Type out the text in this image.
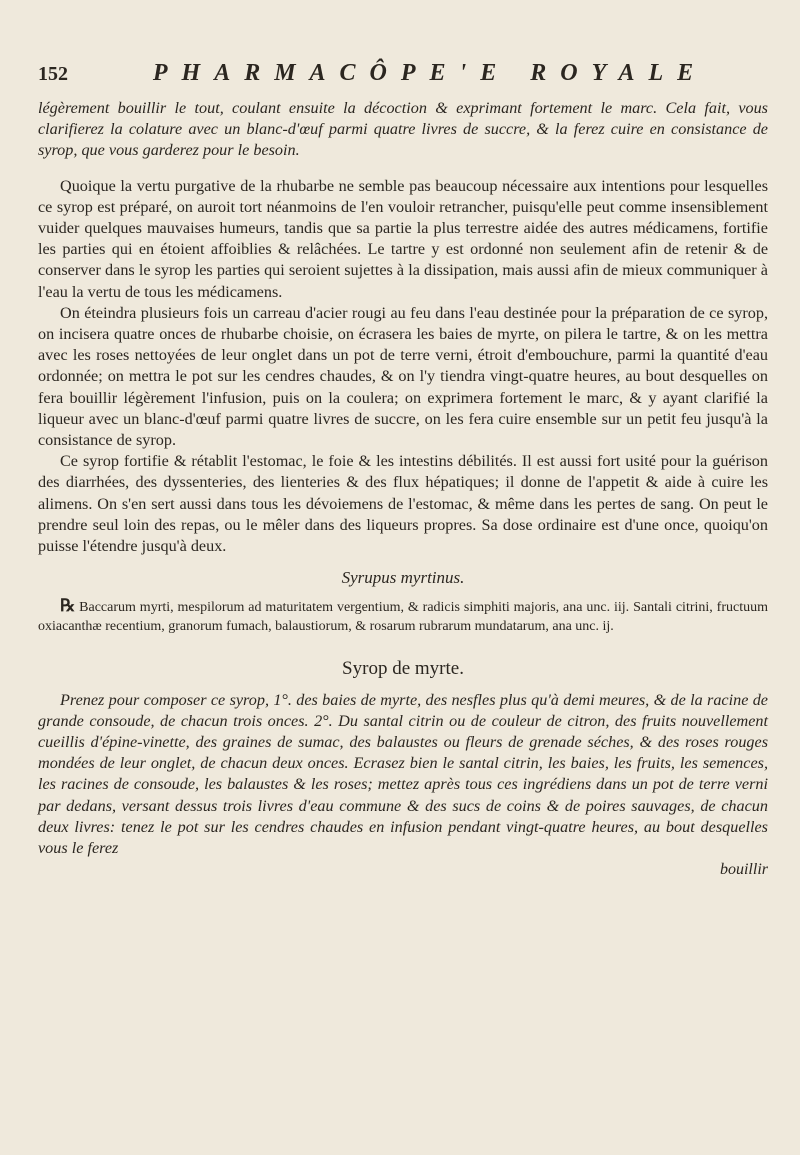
152	PHARMACÔPE'E ROYALE

légèrement bouillir le tout, coulant ensuite la décoction & exprimant fortement le marc. Cela fait, vous clarifierez la colature avec un blanc-d'œuf parmi quatre livres de succre, & la ferez cuire en consistance de syrop, que vous garderez pour le besoin.

Quoique la vertu purgative de la rhubarbe ne semble pas beaucoup nécessaire aux intentions pour lesquelles ce syrop est préparé, on auroit tort néanmoins de l'en vouloir retrancher, puisqu'elle peut comme insensiblement vuider quelques mauvaises humeurs, tandis que sa partie la plus terrestre aidée des autres médicamens, fortifie les parties qui en étoient affoiblies & relâchées. Le tartre y est ordonné non seulement afin de retenir & de conserver dans le syrop les parties qui seroient sujettes à la dissipation, mais aussi afin de mieux communiquer à l'eau la vertu de tous les médicamens.

On éteindra plusieurs fois un carreau d'acier rougi au feu dans l'eau destinée pour la préparation de ce syrop, on incisera quatre onces de rhubarbe choisie, on écrasera les baies de myrte, on pilera le tartre, & on les mettra avec les roses nettoyées de leur onglet dans un pot de terre verni, étroit d'embouchure, parmi la quantité d'eau ordonnée; on mettra le pot sur les cendres chaudes, & on l'y tiendra vingt-quatre heures, au bout desquelles on fera bouillir légèrement l'infusion, puis on la coulera; on exprimera fortement le marc, & y ayant clarifié la liqueur avec un blanc-d'œuf parmi quatre livres de succre, on les fera cuire ensemble sur un petit feu jusqu'à la consistance de syrop.

Ce syrop fortifie & rétablit l'estomac, le foie & les intestins débilités. Il est aussi fort usité pour la guérison des diarrhées, des dyssenteries, des lienteries & des flux hépatiques; il donne de l'appetit & aide à cuire les alimens. On s'en sert aussi dans tous les dévoiemens de l'estomac, & même dans les pertes de sang. On peut le prendre seul loin des repas, ou le mêler dans des liqueurs propres. Sa dose ordinaire est d'une once, quoiqu'on puisse l'étendre jusqu'à deux.

Syrupus myrtinus.

℞ Baccarum myrti, mespilorum ad maturitatem vergentium, & radicis simphiti majoris, ana unc. iij. Santali citrini, fructuum oxiacanthæ recentium, granorum fumach, balaustiorum, & rosarum rubrarum mundatarum, ana unc. ij.

Syrop de myrte.

Prenez pour composer ce syrop, 1°. des baies de myrte, des nesfles plus qu'à demi meures, & de la racine de grande consoude, de chacun trois onces. 2°. Du santal citrin ou de couleur de citron, des fruits nouvellement cueillis d'épine-vinette, des graines de sumac, des balaustes ou fleurs de grenade séches, & des roses rouges mondées de leur onglet, de chacun deux onces. Ecrasez bien le santal citrin, les baies, les fruits, les semences, les racines de consoude, les balaustes & les roses; mettez après tous ces ingrédiens dans un pot de terre verni par dedans, versant dessus trois livres d'eau commune & des sucs de coins & de poires sauvages, de chacun deux livres: tenez le pot sur les cendres chaudes en infusion pendant vingt-quatre heures, au bout desquelles vous le ferez

bouillir
